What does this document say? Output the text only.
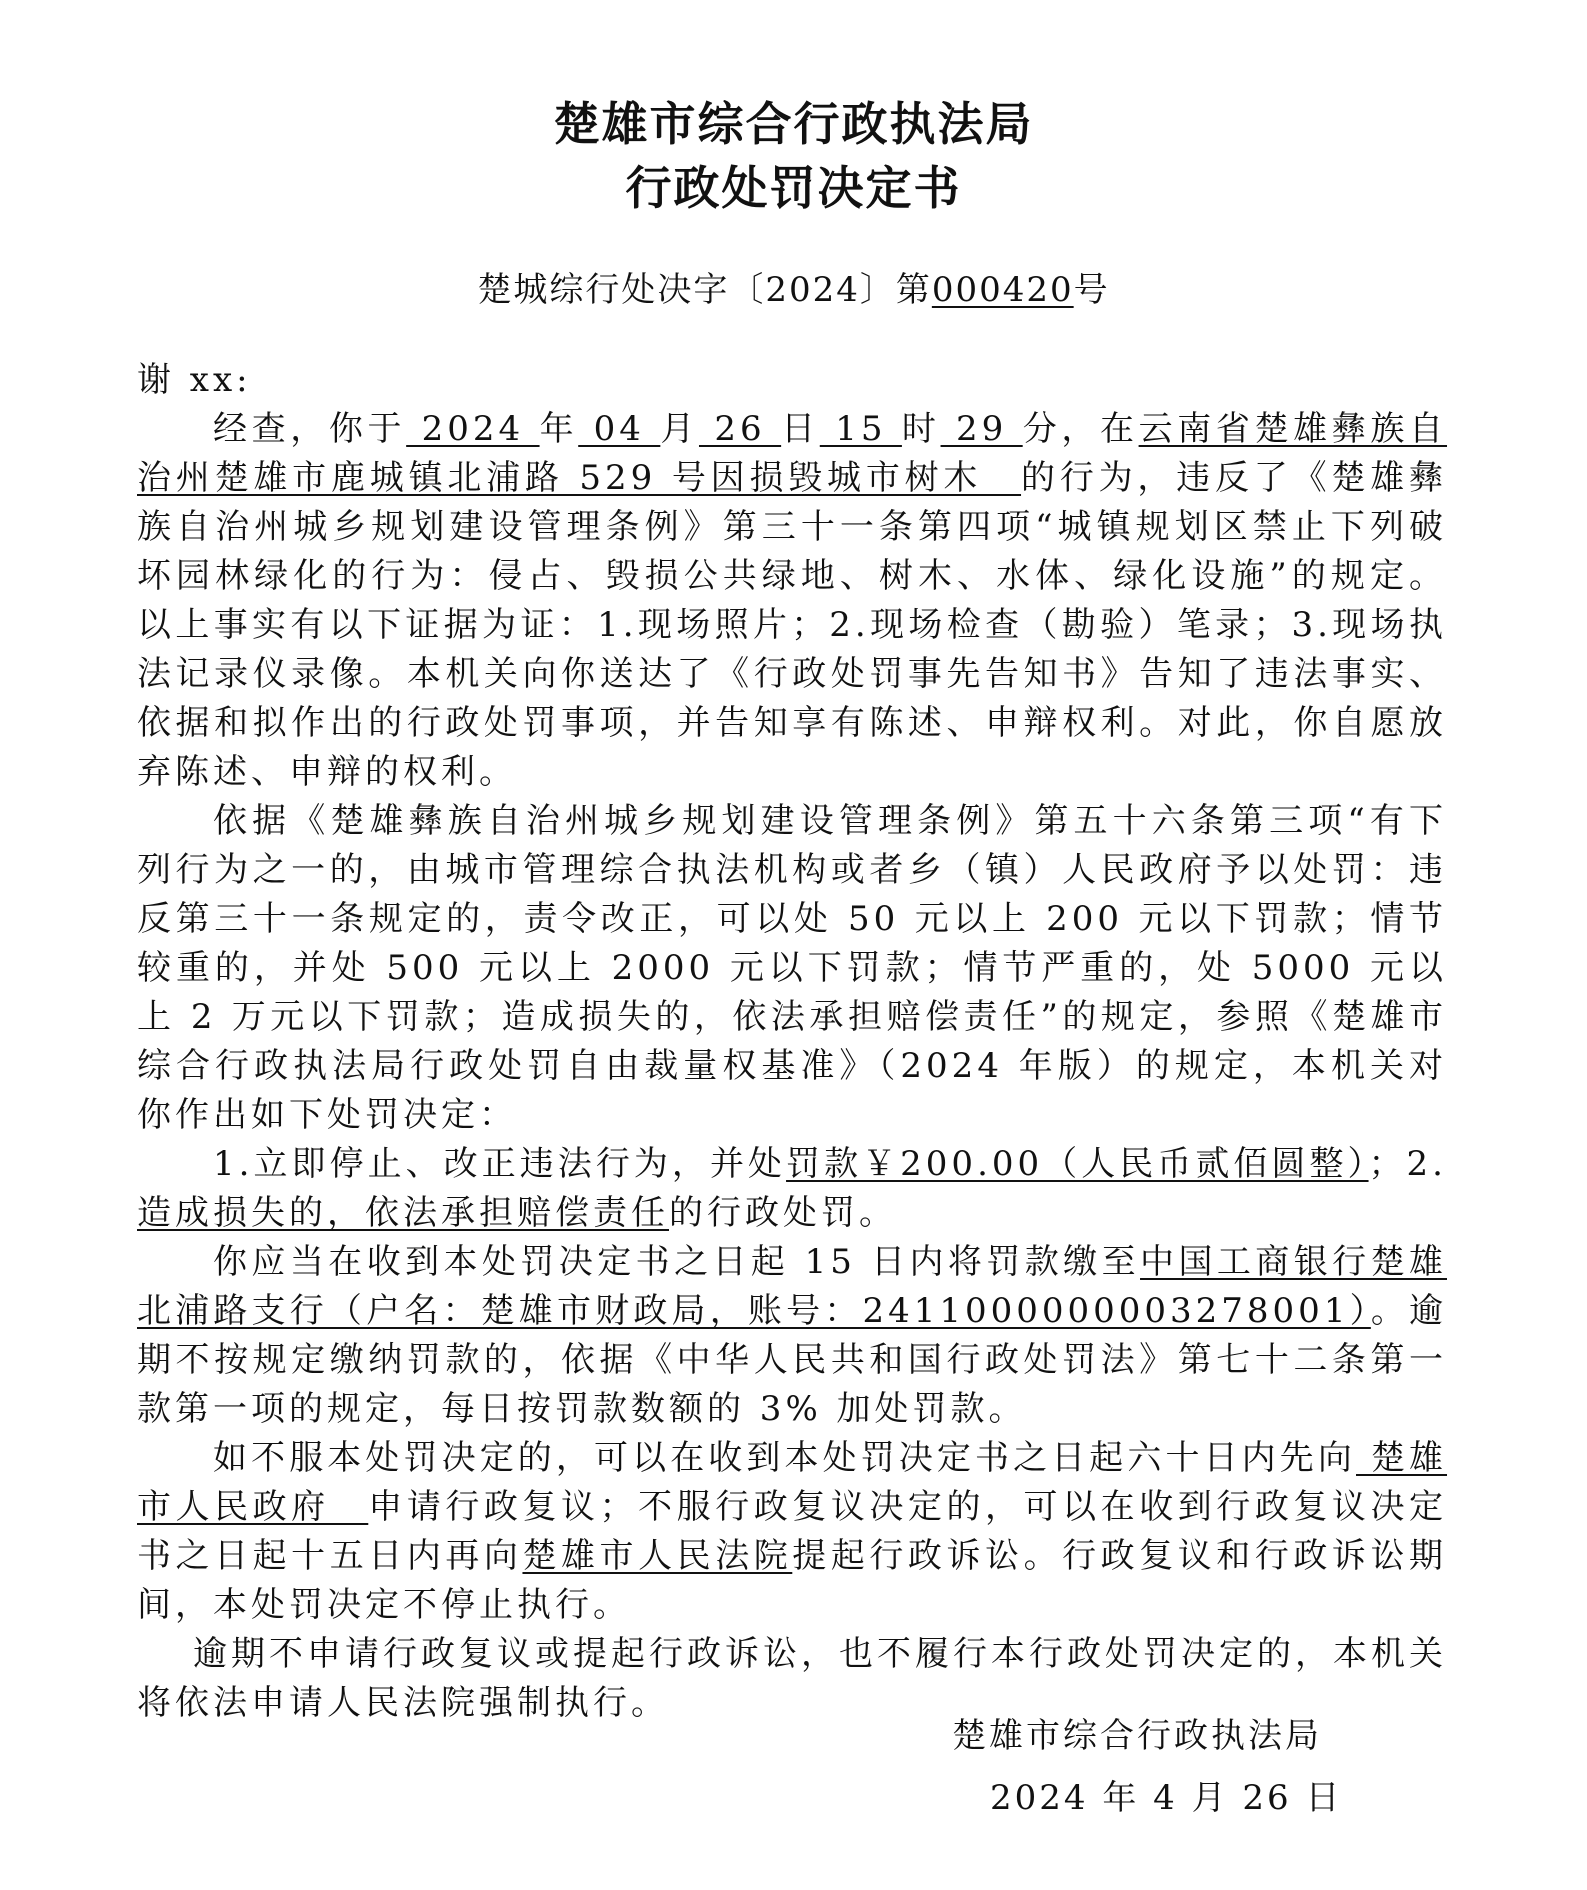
楚雄市综合行政执法局
行政处罚决定书
楚城综行处决字〔2024〕第000420号

谢 xx:

经查，你于 2024 年 04 月 26 日 15 时 29 分，在云南省楚雄彝族自治州楚雄市鹿城镇北浦路 529 号因损毁城市树木　的行为，违反了《楚雄彝族自治州城乡规划建设管理条例》第三十一条第四项“城镇规划区禁止下列破坏园林绿化的行为：侵占、毁损公共绿地、树木、水体、绿化设施”的规定。以上事实有以下证据为证：1.现场照片；2.现场检查（勘验）笔录；3.现场执法记录仪录像。本机关向你送达了《行政处罚事先告知书》告知了违法事实、依据和拟作出的行政处罚事项，并告知享有陈述、申辩权利。对此，你自愿放弃陈述、申辩的权利。

依据《楚雄彝族自治州城乡规划建设管理条例》第五十六条第三项“有下列行为之一的，由城市管理综合执法机构或者乡（镇）人民政府予以处罚：违反第三十一条规定的，责令改正，可以处 50 元以上 200 元以下罚款；情节较重的，并处 500 元以上 2000 元以下罚款；情节严重的，处 5000 元以上 2 万元以下罚款；造成损失的，依法承担赔偿责任”的规定，参照《楚雄市综合行政执法局行政处罚自由裁量权基准》（2024 年版）的规定，本机关对你作出如下处罚决定：

1.立即停止、改正违法行为，并处罚款￥200.00（人民币贰佰圆整）；2.造成损失的，依法承担赔偿责任的行政处罚。

你应当在收到本处罚决定书之日起 15 日内将罚款缴至中国工商银行楚雄北浦路支行（户名：楚雄市财政局，账号：2411000000003278001）。逾期不按规定缴纳罚款的，依据《中华人民共和国行政处罚法》第七十二条第一款第一项的规定，每日按罚款数额的 3% 加处罚款。

如不服本处罚决定的，可以在收到本处罚决定书之日起六十日内先向 楚雄市人民政府　申请行政复议；不服行政复议决定的，可以在收到行政复议决定书之日起十五日内再向楚雄市人民法院提起行政诉讼。行政复议和行政诉讼期间，本处罚决定不停止执行。

逾期不申请行政复议或提起行政诉讼，也不履行本行政处罚决定的，本机关将依法申请人民法院强制执行。

楚雄市综合行政执法局
2024 年 4 月 26 日
